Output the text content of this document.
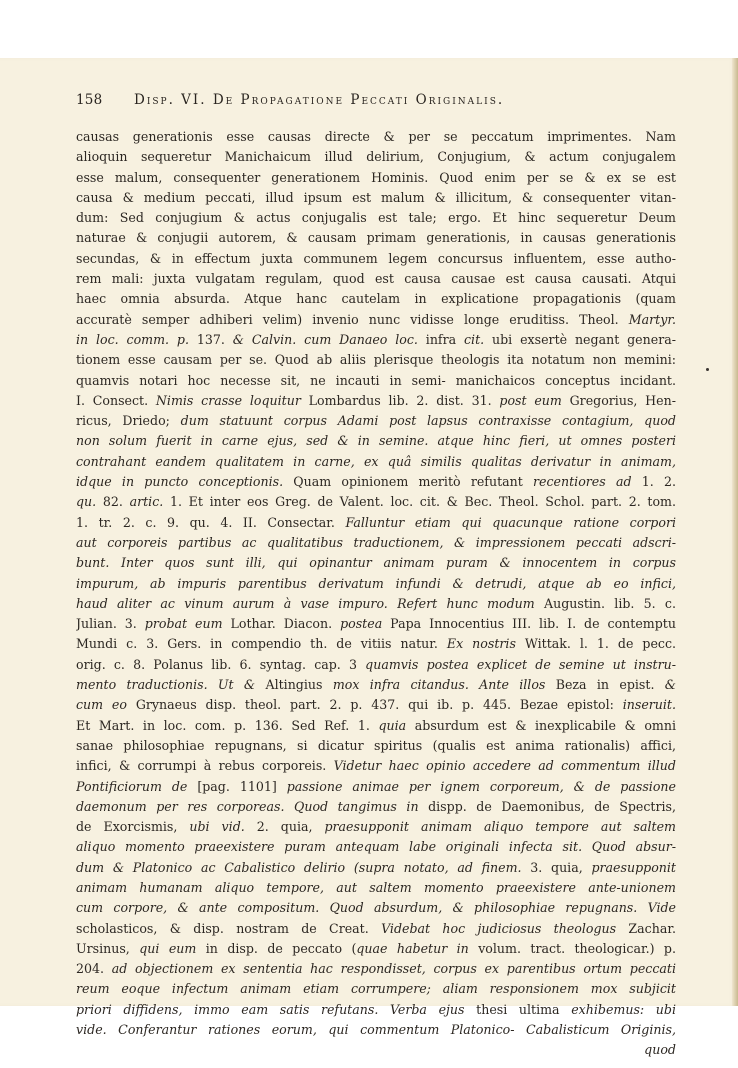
158 Disp. VI. De Propagatione Peccati Originalis.
causas generationis esse causas directe & per se peccatum imprimentes. Nam
alioquin sequeretur Manichaicum illud delirium, Conjugium, & actum conjugalem
esse malum, consequenter generationem Hominis. Quod enim per se & ex se est
causa & medium peccati, illud ipsum est malum & illicitum, & consequenter vitan-
dum: Sed conjugium & actus conjugalis est tale; ergo. Et hinc sequeretur Deum
naturae & conjugii autorem, & causam primam generationis, in causas generationis
secundas, & in effectum juxta communem legem concursus influentem, esse autho-
rem mali: juxta vulgatam regulam, quod est causa causae est causa causati. Atqui
haec omnia absurda. Atque hanc cautelam in explicatione propagationis (quam
accuratè semper adhiberi velim) invenio nunc vidisse longe eruditiss. Theol. Martyr.
in loc. comm. p. 137. & Calvin. cum Danaeo loc. infra cit. ubi exsertè negant genera-
tionem esse causam per se. Quod ab aliis plerisque theologis ita notatum non memini:
quamvis notari hoc necesse sit, ne incauti in semi- manichaicos conceptus incidant.
I. Consect. Nimis crasse loquitur Lombardus lib. 2. dist. 31. post eum Gregorius, Hen-
ricus, Driedo; dum statuunt corpus Adami post lapsus contraxisse contagium, quod
non solum fuerit in carne ejus, sed & in semine. atque hinc fieri, ut omnes posteri
contrahant eandem qualitatem in carne, ex quâ similis qualitas derivatur in animam,
idque in puncto conceptionis. Quam opinionem meritò refutant recentiores ad 1. 2.
qu. 82. artic. 1. Et inter eos Greg. de Valent. loc. cit. & Bec. Theol. Schol. part. 2. tom.
1. tr. 2. c. 9. qu. 4. II. Consectar. Falluntur etiam qui quacunque ratione corpori
aut corporeis partibus ac qualitatibus traductionem, & impressionem peccati adscri-
bunt. Inter quos sunt illi, qui opinantur animam puram & innocentem in corpus
impurum, ab impuris parentibus derivatum infundi & detrudi, atque ab eo infici,
haud aliter ac vinum aurum à vase impuro. Refert hunc modum Augustin. lib. 5. c.
Julian. 3. probat eum Lothar. Diacon. postea Papa Innocentius III. lib. I. de contemptu
Mundi c. 3. Gers. in compendio th. de vitiis natur. Ex nostris Wittak. l. 1. de pecc.
orig. c. 8. Polanus lib. 6. syntag. cap. 3 quamvis postea explicet de semine ut instru-
mento traductionis. Ut & Altingius mox infra citandus. Ante illos Beza in epist. &
cum eo Grynaeus disp. theol. part. 2. p. 437. qui ib. p. 445. Bezae epistol: inseruit.
Et Mart. in loc. com. p. 136. Sed Ref. 1. quia absurdum est & inexplicabile & omni
sanae philosophiae repugnans, si dicatur spiritus (qualis est anima rationalis) affici,
infici, & corrumpi à rebus corporeis. Videtur haec opinio accedere ad commentum illud
Pontificiorum de [pag. 1101] passione animae per ignem corporeum, & de passione
daemonum per res corporeas. Quod tangimus in dispp. de Daemonibus, de Spectris,
de Exorcismis, ubi vid. 2. quia, praesupponit animam aliquo tempore aut saltem
aliquo momento praeexistere puram antequam labe originali infecta sit. Quod absur-
dum & Platonico ac Cabalistico delirio (supra notato, ad finem. 3. quia, praesupponit
animam humanam aliquo tempore, aut saltem momento praeexistere ante-unionem
cum corpore, & ante compositum. Quod absurdum, & philosophiae repugnans. Vide
scholasticos, & disp. nostram de Creat. Videbat hoc judiciosus theologus Zachar.
Ursinus, qui eum in disp. de peccato (quae habetur in volum. tract. theologicar.) p.
204. ad objectionem ex sententia hac respondisset, corpus ex parentibus ortum peccati
reum eoque infectum animam etiam corrumpere; aliam responsionem mox subjicit
priori diffidens, immo eam satis refutans. Verba ejus thesi ultima exhibemus: ubi
vide. Conferantur rationes eorum, qui commentum Platonico- Cabalisticum Originis,
quod
